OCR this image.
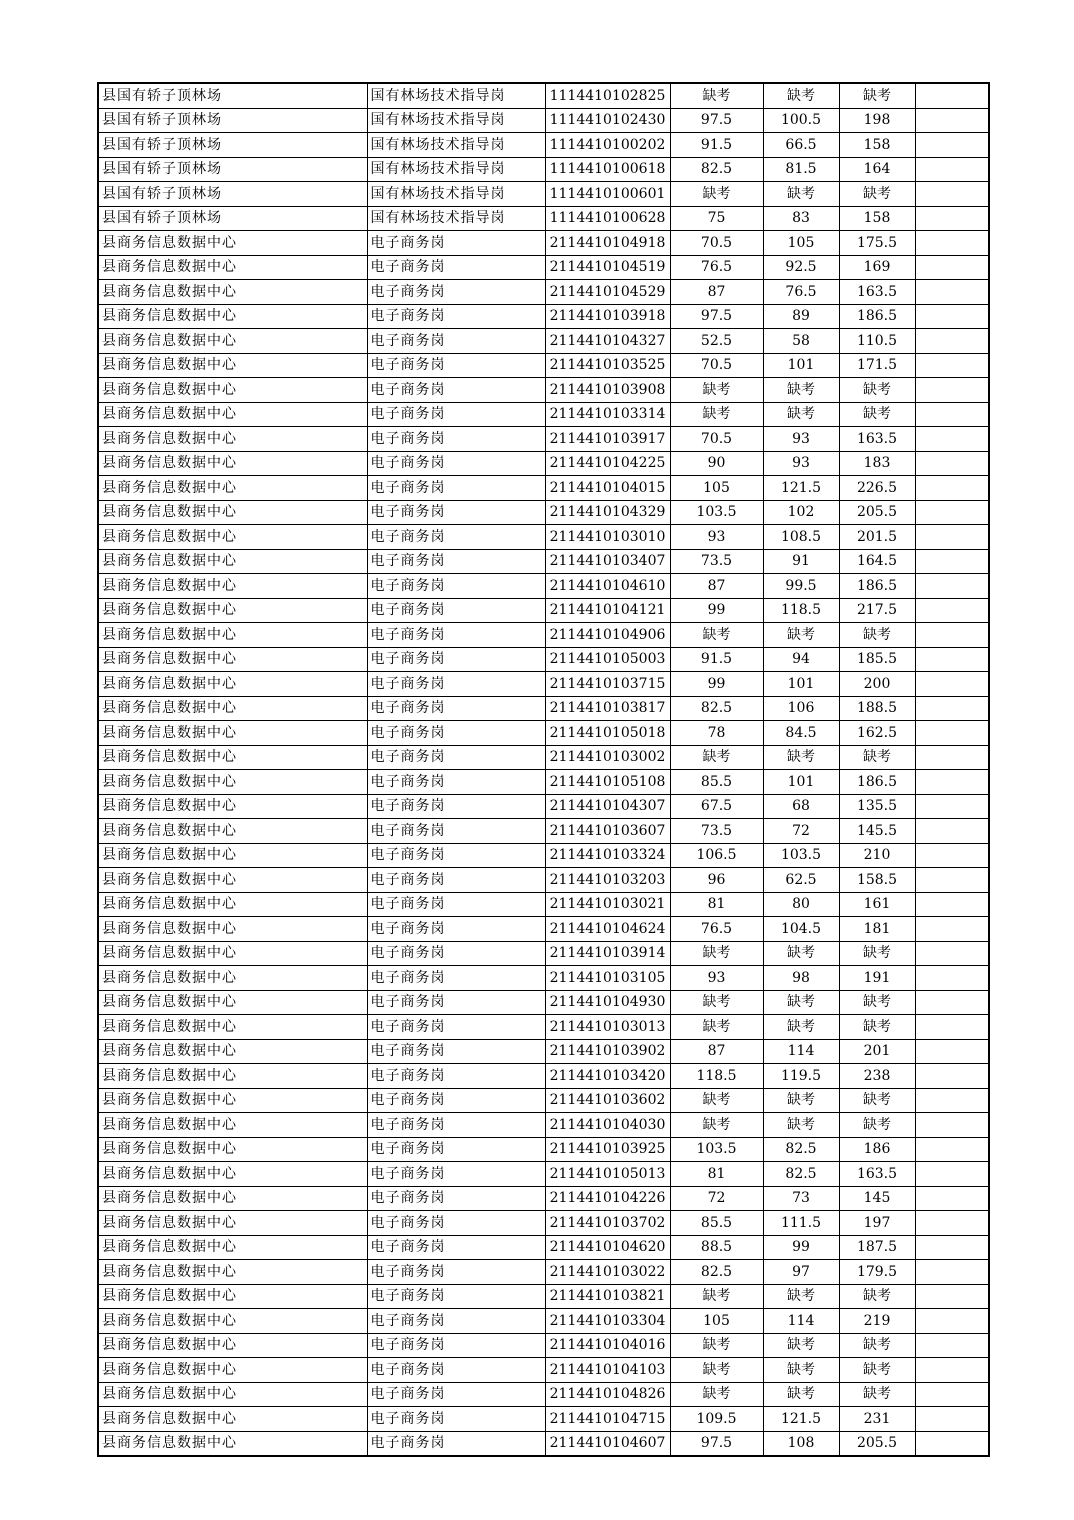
县国有轿子顶林场	国有林场技术指导岗	1114410102825	缺考	缺考	缺考	
县国有轿子顶林场	国有林场技术指导岗	1114410102430	97.5	100.5	198	
县国有轿子顶林场	国有林场技术指导岗	1114410100202	91.5	66.5	158	
县国有轿子顶林场	国有林场技术指导岗	1114410100618	82.5	81.5	164	
县国有轿子顶林场	国有林场技术指导岗	1114410100601	缺考	缺考	缺考	
县国有轿子顶林场	国有林场技术指导岗	1114410100628	75	83	158	
县商务信息数据中心	电子商务岗	2114410104918	70.5	105	175.5	
县商务信息数据中心	电子商务岗	2114410104519	76.5	92.5	169	
县商务信息数据中心	电子商务岗	2114410104529	87	76.5	163.5	
县商务信息数据中心	电子商务岗	2114410103918	97.5	89	186.5	
县商务信息数据中心	电子商务岗	2114410104327	52.5	58	110.5	
县商务信息数据中心	电子商务岗	2114410103525	70.5	101	171.5	
县商务信息数据中心	电子商务岗	2114410103908	缺考	缺考	缺考	
县商务信息数据中心	电子商务岗	2114410103314	缺考	缺考	缺考	
县商务信息数据中心	电子商务岗	2114410103917	70.5	93	163.5	
县商务信息数据中心	电子商务岗	2114410104225	90	93	183	
县商务信息数据中心	电子商务岗	2114410104015	105	121.5	226.5	
县商务信息数据中心	电子商务岗	2114410104329	103.5	102	205.5	
县商务信息数据中心	电子商务岗	2114410103010	93	108.5	201.5	
县商务信息数据中心	电子商务岗	2114410103407	73.5	91	164.5	
县商务信息数据中心	电子商务岗	2114410104610	87	99.5	186.5	
县商务信息数据中心	电子商务岗	2114410104121	99	118.5	217.5	
县商务信息数据中心	电子商务岗	2114410104906	缺考	缺考	缺考	
县商务信息数据中心	电子商务岗	2114410105003	91.5	94	185.5	
县商务信息数据中心	电子商务岗	2114410103715	99	101	200	
县商务信息数据中心	电子商务岗	2114410103817	82.5	106	188.5	
县商务信息数据中心	电子商务岗	2114410105018	78	84.5	162.5	
县商务信息数据中心	电子商务岗	2114410103002	缺考	缺考	缺考	
县商务信息数据中心	电子商务岗	2114410105108	85.5	101	186.5	
县商务信息数据中心	电子商务岗	2114410104307	67.5	68	135.5	
县商务信息数据中心	电子商务岗	2114410103607	73.5	72	145.5	
县商务信息数据中心	电子商务岗	2114410103324	106.5	103.5	210	
县商务信息数据中心	电子商务岗	2114410103203	96	62.5	158.5	
县商务信息数据中心	电子商务岗	2114410103021	81	80	161	
县商务信息数据中心	电子商务岗	2114410104624	76.5	104.5	181	
县商务信息数据中心	电子商务岗	2114410103914	缺考	缺考	缺考	
县商务信息数据中心	电子商务岗	2114410103105	93	98	191	
县商务信息数据中心	电子商务岗	2114410104930	缺考	缺考	缺考	
县商务信息数据中心	电子商务岗	2114410103013	缺考	缺考	缺考	
县商务信息数据中心	电子商务岗	2114410103902	87	114	201	
县商务信息数据中心	电子商务岗	2114410103420	118.5	119.5	238	
县商务信息数据中心	电子商务岗	2114410103602	缺考	缺考	缺考	
县商务信息数据中心	电子商务岗	2114410104030	缺考	缺考	缺考	
县商务信息数据中心	电子商务岗	2114410103925	103.5	82.5	186	
县商务信息数据中心	电子商务岗	2114410105013	81	82.5	163.5	
县商务信息数据中心	电子商务岗	2114410104226	72	73	145	
县商务信息数据中心	电子商务岗	2114410103702	85.5	111.5	197	
县商务信息数据中心	电子商务岗	2114410104620	88.5	99	187.5	
县商务信息数据中心	电子商务岗	2114410103022	82.5	97	179.5	
县商务信息数据中心	电子商务岗	2114410103821	缺考	缺考	缺考	
县商务信息数据中心	电子商务岗	2114410103304	105	114	219	
县商务信息数据中心	电子商务岗	2114410104016	缺考	缺考	缺考	
县商务信息数据中心	电子商务岗	2114410104103	缺考	缺考	缺考	
县商务信息数据中心	电子商务岗	2114410104826	缺考	缺考	缺考	
县商务信息数据中心	电子商务岗	2114410104715	109.5	121.5	231	
县商务信息数据中心	电子商务岗	2114410104607	97.5	108	205.5	
